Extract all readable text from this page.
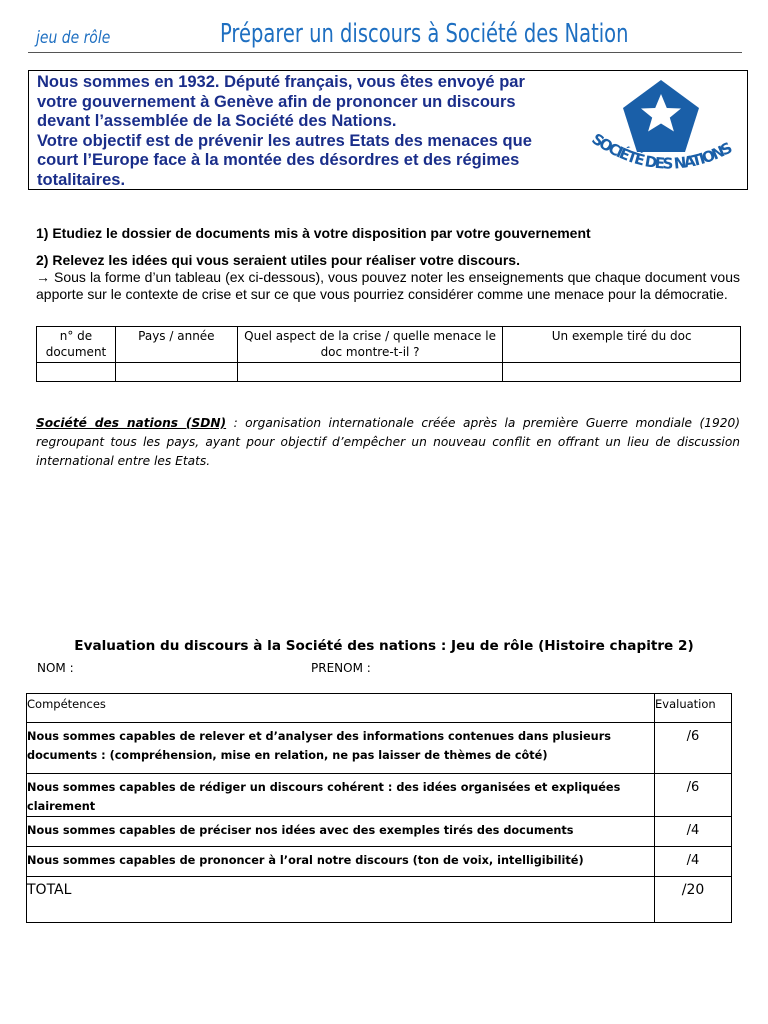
jeu de rôle	Préparer un discours à Société des Nation
Nous sommes en 1932. Député français, vous êtes envoyé par
votre gouvernement à Genève afin de prononcer un discours
devant l’assemblée de la Société des Nations.
Votre objectif est de prévenir les autres Etats des menaces que
court l’Europe face à la montée des désordres et des régimes
totalitaires.
SOCIÉTÉ DES NATIONS
1) Etudiez le dossier de documents mis à votre disposition par votre gouvernement
2) Relevez les idées qui vous seraient utiles pour réaliser votre discours.
→ Sous la forme d’un tableau (ex ci-dessous), vous pouvez noter les enseignements que chaque document vous apporte sur le contexte de crise et sur ce que vous pourriez considérer comme une menace pour la démocratie.
n° de document	Pays / année	Quel aspect de la crise / quelle menace le doc montre-t-il ?	Un exemple tiré du doc

Société des nations (SDN) : organisation internationale créée après la première Guerre mondiale (1920) regroupant tous les pays, ayant pour objectif d’empêcher un nouveau conflit en offrant un lieu de discussion international entre les Etats.
Evaluation du discours à la Société des nations : Jeu de rôle (Histoire chapitre 2)
NOM :	PRENOM :
Compétences	Evaluation
Nous sommes capables de relever et d’analyser des informations contenues dans plusieurs documents : (compréhension, mise en relation, ne pas laisser de thèmes de côté)	/6
Nous sommes capables de rédiger un discours cohérent : des idées organisées et expliquées clairement	/6
Nous sommes capables de préciser nos idées avec des exemples tirés des documents	/4
Nous sommes capables de prononcer à l’oral notre discours (ton de voix, intelligibilité)	/4
TOTAL	/20
